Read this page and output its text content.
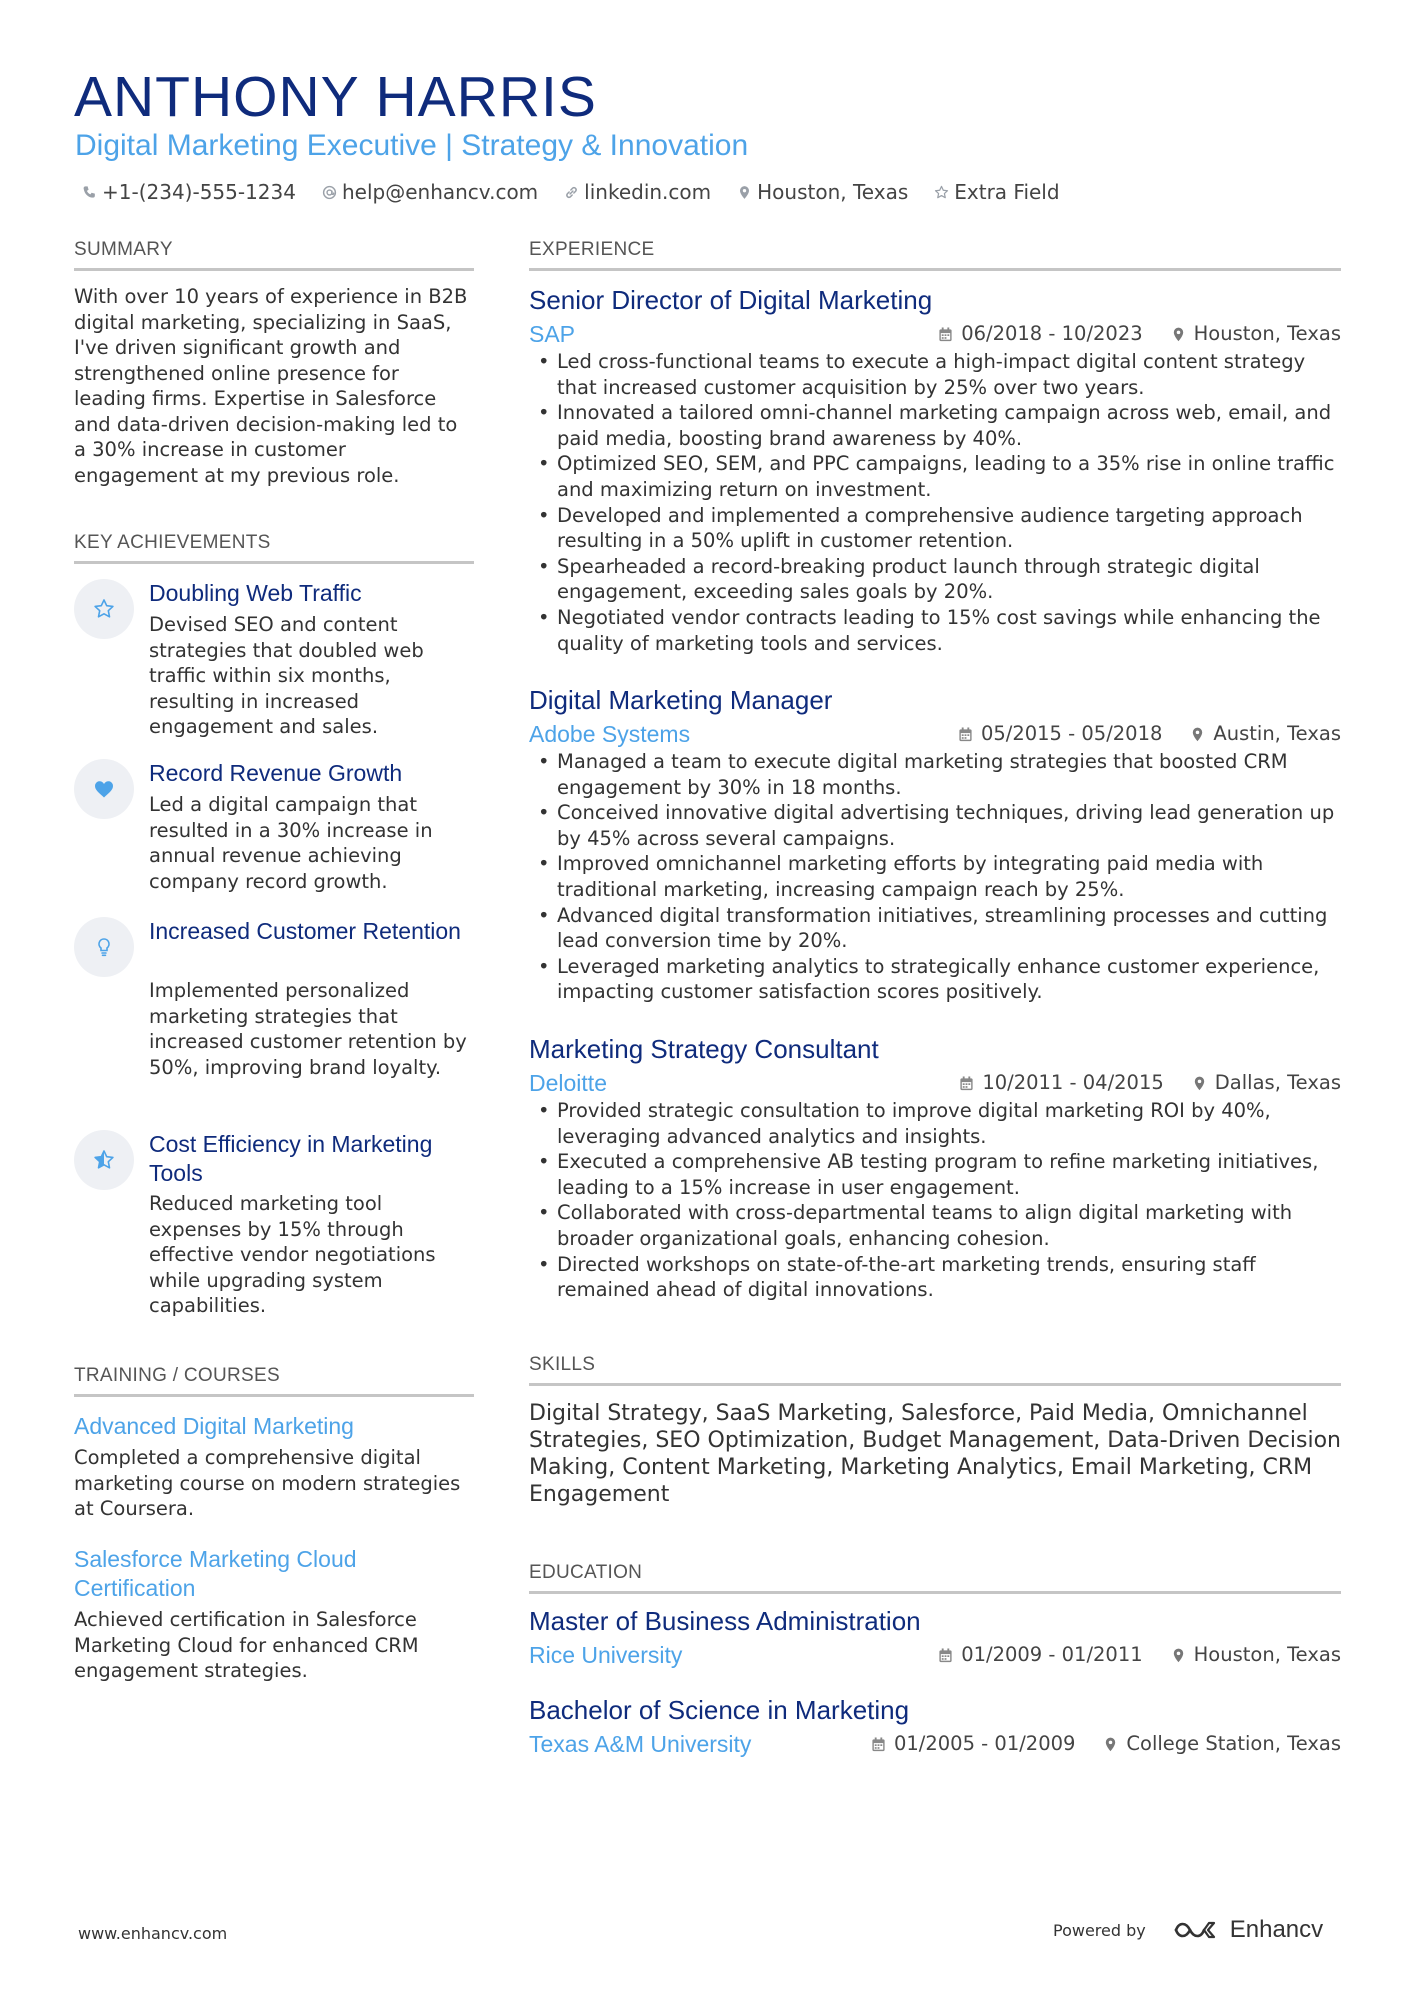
ANTHONY HARRIS
Digital Marketing Executive | Strategy & Innovation
+1-(234)-555-1234 help@enhancv.com linkedin.com Houston, Texas Extra Field
SUMMARY
With over 10 years of experience in B2B digital marketing, specializing in SaaS, I've driven significant growth and strengthened online presence for leading firms. Expertise in Salesforce and data-driven decision-making led to a 30% increase in customer engagement at my previous role.
KEY ACHIEVEMENTS
Doubling Web Traffic
Devised SEO and content strategies that doubled web traffic within six months, resulting in increased engagement and sales.
Record Revenue Growth
Led a digital campaign that resulted in a 30% increase in annual revenue achieving company record growth.
Increased Customer Retention
Implemented personalized marketing strategies that increased customer retention by 50%, improving brand loyalty.
Cost Efficiency in Marketing Tools
Reduced marketing tool expenses by 15% through effective vendor negotiations while upgrading system capabilities.
TRAINING / COURSES
Advanced Digital Marketing
Completed a comprehensive digital marketing course on modern strategies at Coursera.
Salesforce Marketing Cloud Certification
Achieved certification in Salesforce Marketing Cloud for enhanced CRM engagement strategies.
EXPERIENCE
Senior Director of Digital Marketing
SAP	06/2018 - 10/2023	Houston, Texas
• Led cross-functional teams to execute a high-impact digital content strategy that increased customer acquisition by 25% over two years.
• Innovated a tailored omni-channel marketing campaign across web, email, and paid media, boosting brand awareness by 40%.
• Optimized SEO, SEM, and PPC campaigns, leading to a 35% rise in online traffic and maximizing return on investment.
• Developed and implemented a comprehensive audience targeting approach resulting in a 50% uplift in customer retention.
• Spearheaded a record-breaking product launch through strategic digital engagement, exceeding sales goals by 20%.
• Negotiated vendor contracts leading to 15% cost savings while enhancing the quality of marketing tools and services.
Digital Marketing Manager
Adobe Systems	05/2015 - 05/2018	Austin, Texas
• Managed a team to execute digital marketing strategies that boosted CRM engagement by 30% in 18 months.
• Conceived innovative digital advertising techniques, driving lead generation up by 45% across several campaigns.
• Improved omnichannel marketing efforts by integrating paid media with traditional marketing, increasing campaign reach by 25%.
• Advanced digital transformation initiatives, streamlining processes and cutting lead conversion time by 20%.
• Leveraged marketing analytics to strategically enhance customer experience, impacting customer satisfaction scores positively.
Marketing Strategy Consultant
Deloitte	10/2011 - 04/2015	Dallas, Texas
• Provided strategic consultation to improve digital marketing ROI by 40%, leveraging advanced analytics and insights.
• Executed a comprehensive AB testing program to refine marketing initiatives, leading to a 15% increase in user engagement.
• Collaborated with cross-departmental teams to align digital marketing with broader organizational goals, enhancing cohesion.
• Directed workshops on state-of-the-art marketing trends, ensuring staff remained ahead of digital innovations.
SKILLS
Digital Strategy, SaaS Marketing, Salesforce, Paid Media, Omnichannel Strategies, SEO Optimization, Budget Management, Data-Driven Decision Making, Content Marketing, Marketing Analytics, Email Marketing, CRM Engagement
EDUCATION
Master of Business Administration
Rice University	01/2009 - 01/2011	Houston, Texas
Bachelor of Science in Marketing
Texas A&M University	01/2005 - 01/2009	College Station, Texas
www.enhancv.com	Powered by	Enhancv
